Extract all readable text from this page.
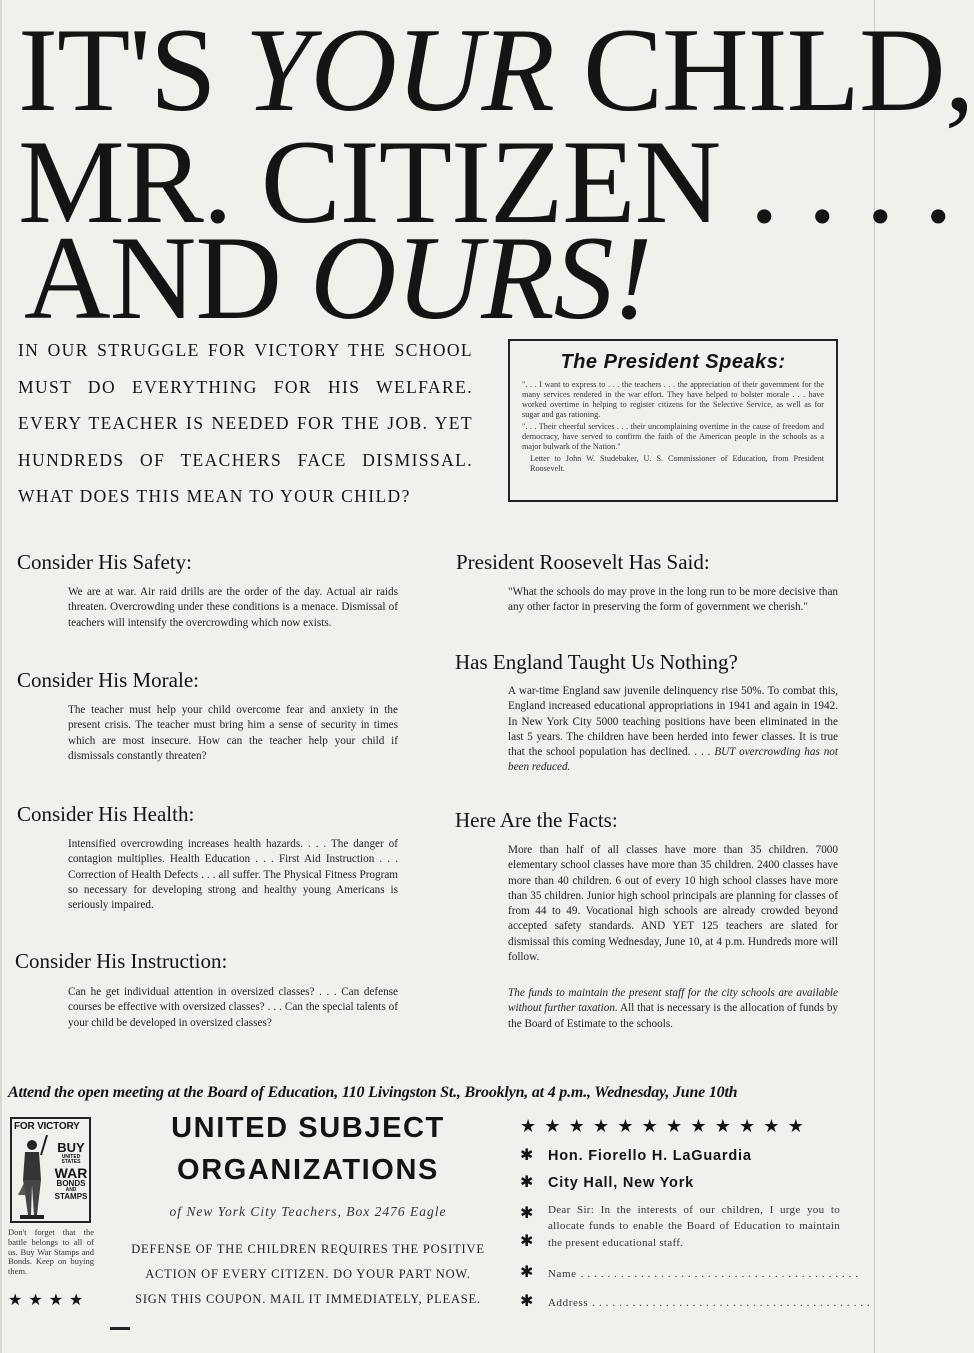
IT'S YOUR CHILD,
MR. CITIZEN . . . .
AND OURS!
IN OUR STRUGGLE FOR VICTORY THE SCHOOL
MUST DO EVERYTHING FOR HIS WELFARE.
EVERY TEACHER IS NEEDED FOR THE JOB. YET
HUNDREDS OF TEACHERS FACE DISMISSAL.
WHAT DOES THIS MEAN TO YOUR CHILD?
The President Speaks:

". . . I want to express to . . . the teachers . . . the appreciation of their government for the many services rendered in the war effort. They have helped to bolster morale . . . have worked overtime in helping to register citizens for the Selective Service, as well as for sugar and gas rationing.

". . . Their cheerful services . . . their uncomplaining overtime in the cause of freedom and democracy, have served to confirm the faith of the American people in the schools as a major bulwark of the Nation."

Letter to John W. Studebaker, U. S. Commissioner of Education, from President Roosevelt.

Consider His Safety:
We are at war. Air raid drills are the order of the day. Actual air raids threaten. Overcrowding under these conditions is a menace. Dismissal of teachers will intensify the overcrowding which now exists.
Consider His Morale:
The teacher must help your child overcome fear and anxiety in the present crisis. The teacher must bring him a sense of security in times which are most insecure. How can the teacher help your child if dismissals constantly threaten?
Consider His Health:
Intensified overcrowding increases health hazards. . . . The danger of contagion multiplies. Health Education . . . First Aid Instruction . . . Correction of Health Defects . . . all suffer. The Physical Fitness Program so necessary for developing strong and healthy young Americans is seriously impaired.
Consider His Instruction:
Can he get individual attention in oversized classes? . . . Can defense courses be effective with oversized classes? . . . Can the special talents of your child be developed in oversized classes?
President Roosevelt Has Said:
"What the schools do may prove in the long run to be more decisive than any other factor in preserving the form of government we cherish."
Has England Taught Us Nothing?
A war-time England saw juvenile delinquency rise 50%. To combat this, England increased educational appropriations in 1941 and again in 1942. In New York City 5000 teaching positions have been eliminated in the last 5 years. The children have been herded into fewer classes. It is true that the school population has declined. . . . BUT overcrowding has not been reduced.
Here Are the Facts:
More than half of all classes have more than 35 children. 7000 elementary school classes have more than 35 children. 2400 classes have more than 40 children. 6 out of every 10 high school classes have more than 35 children. Junior high school principals are planning for classes of from 44 to 49. Vocational high schools are already crowded beyond accepted safety standards. AND YET 125 teachers are slated for dismissal this coming Wednesday, June 10, at 4 p.m. Hundreds more will follow.
The funds to maintain the present staff for the city schools are available without further taxation. All that is necessary is the allocation of funds by the Board of Estimate to the schools.
Attend the open meeting at the Board of Education, 110 Livingston St., Brooklyn, at 4 p.m., Wednesday, June 10th
FOR VICTORY
BUY
UNITED STATES
WAR
BONDS
AND
STAMPS
Don't forget that the battle belongs to all of us. Buy War Stamps and Bonds. Keep on buying them.
★★★★
UNITED SUBJECT
ORGANIZATIONS
of New York City Teachers, Box 2476 Eagle
DEFENSE OF THE CHILDREN REQUIRES THE POSITIVE
ACTION OF EVERY CITIZEN. DO YOUR PART NOW.
SIGN THIS COUPON. MAIL IT IMMEDIATELY, PLEASE.
★★★★★★★★★★★★
✱ Hon. Fiorello H. LaGuardia
✱ City Hall, New York
✱
✱
Dear Sir: In the interests of our children, I urge you to allocate funds to enable the Board of Education to maintain the present educational staff.
✱ Name . . . . . . . . . . . . . . . . . . . . . . . . . . . . . . . . . . . . . . . . . .
✱ Address . . . . . . . . . . . . . . . . . . . . . . . . . . . . . . . . . . . . . . . . . .
